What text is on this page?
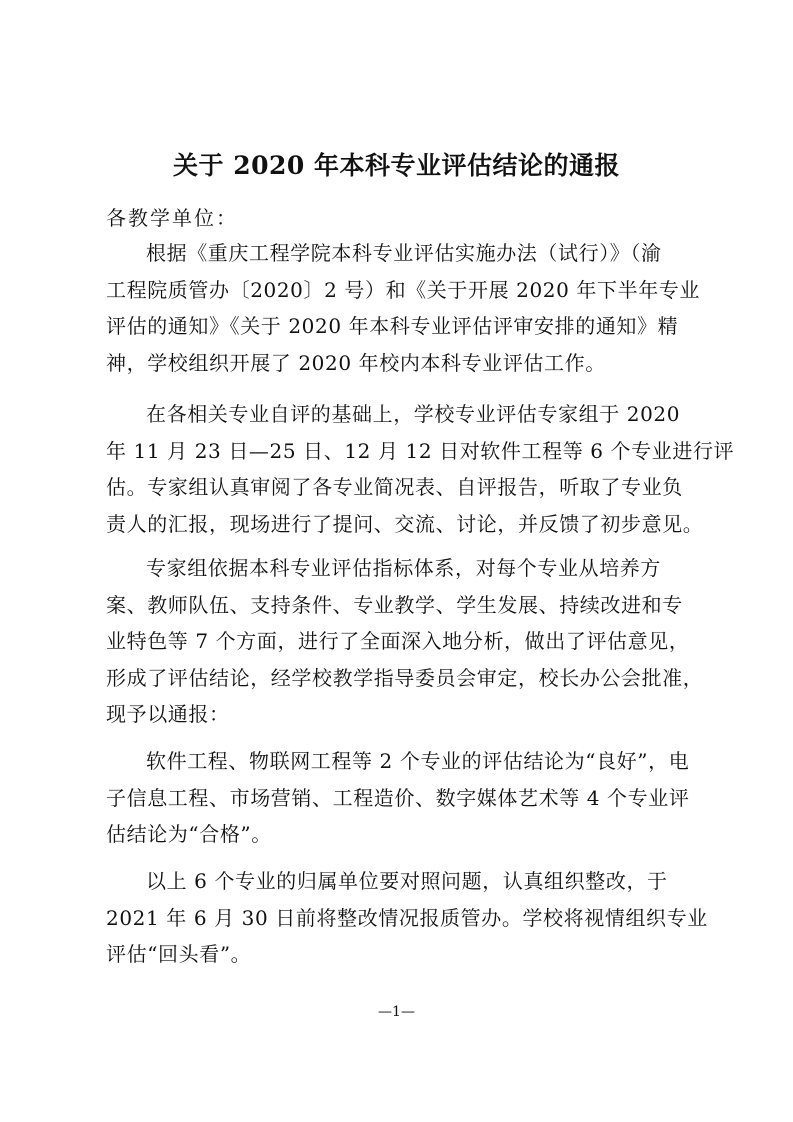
关于 2020 年本科专业评估结论的通报
各教学单位：
根据《重庆工程学院本科专业评估实施办法（试行）》（渝
工程院质管办〔2020〕2 号）和《关于开展 2020 年下半年专业
评估的通知》《关于 2020 年本科专业评估评审安排的通知》精
神，学校组织开展了 2020 年校内本科专业评估工作。
在各相关专业自评的基础上，学校专业评估专家组于 2020
年 11 月 23 日—25 日、12 月 12 日对软件工程等 6 个专业进行评
估。专家组认真审阅了各专业简况表、自评报告，听取了专业负
责人的汇报，现场进行了提问、交流、讨论，并反馈了初步意见。
专家组依据本科专业评估指标体系，对每个专业从培养方
案、教师队伍、支持条件、专业教学、学生发展、持续改进和专
业特色等 7 个方面，进行了全面深入地分析，做出了评估意见，
形成了评估结论，经学校教学指导委员会审定，校长办公会批准，
现予以通报：
软件工程、物联网工程等 2 个专业的评估结论为“良好”，电
子信息工程、市场营销、工程造价、数字媒体艺术等 4 个专业评
估结论为“合格”。
以上 6 个专业的归属单位要对照问题，认真组织整改，于
2021 年 6 月 30 日前将整改情况报质管办。学校将视情组织专业
评估“回头看”。
—1—
